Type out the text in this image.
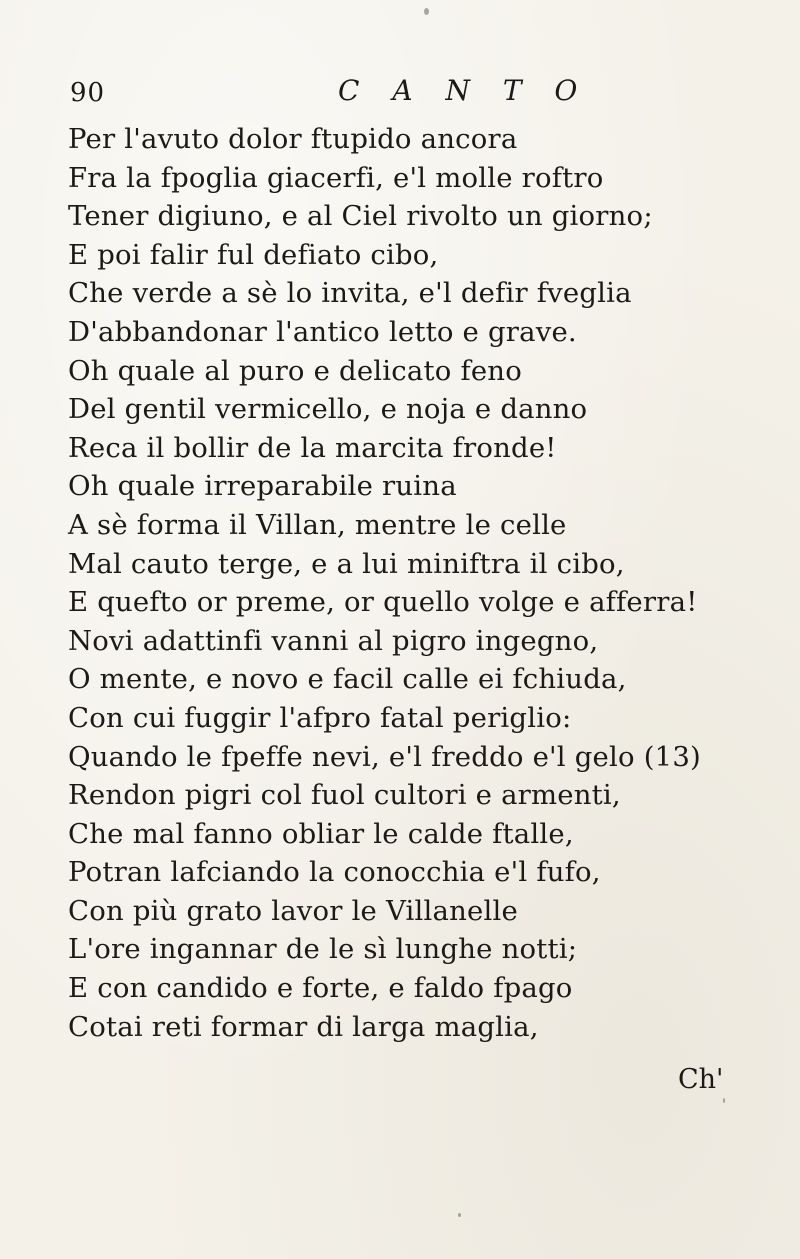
90	C A N T O
Per l'avuto dolor ftupido ancora
Fra la fpoglia giacerfi, e'l molle roftro
Tener digiuno, e al Ciel rivolto un giorno;
E poi falir ful defiato cibo,
Che verde a sè lo invita, e'l defir fveglia
D'abbandonar l'antico letto e grave.
Oh quale al puro e delicato feno
Del gentil vermicello, e noja e danno
Reca il bollir de la marcita fronde!
Oh quale irreparabile ruina
A sè forma il Villan, mentre le celle
Mal cauto terge, e a lui miniftra il cibo,
E quefto or preme, or quello volge e afferra!
Novi adattinfi vanni al pigro ingegno,
O mente, e novo e facil calle ei fchiuda,
Con cui fuggir l'afpro fatal periglio:
Quando le fpeffe nevi, e'l freddo e'l gelo (13)
Rendon pigri col fuol cultori e armenti,
Che mal fanno obliar le calde ftalle,
Potran lafciando la conocchia e'l fufo,
Con più grato lavor le Villanelle
L'ore ingannar de le sì lunghe notti;
E con candido e forte, e faldo fpago
Cotai reti formar di larga maglia,
Ch'
